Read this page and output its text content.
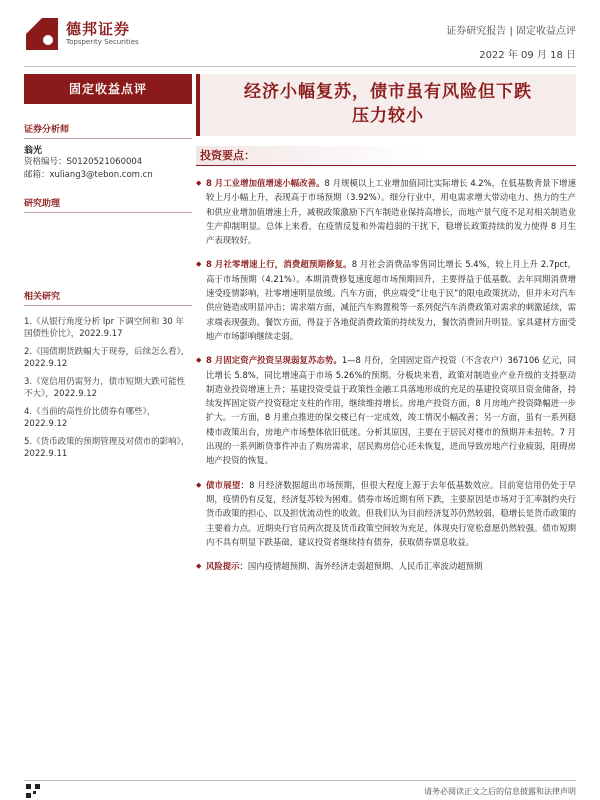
德邦证券
Topsperity Securities
证券研究报告 | 固定收益点评
2022 年 09 月 18 日
固定收益点评
证券分析师
翁光
资格编号：S0120521060004
邮箱：xuliang3@tebon.com.cn
研究助理
相关研究
1.《从银行角度分析 lpr 下调空间和 30 年国债性价比》，2022.9.17
2.《国债期货跌幅大于现券，后续怎么看》，2022.9.12
3.《宽信用仍需努力，债市短期大跌可能性不大》，2022.9.12
4.《当前的高性价比债券有哪些》，2022.9.12
5.《货币政策的预期管理及对债市的影响》，2022.9.11
经济小幅复苏，债市虽有风险但下跌
压力较小
投资要点：
◆ 8 月工业增加值增速小幅改善。8 月规模以上工业增加值同比实际增长 4.2%，在低基数背景下增速较上月小幅上升，表现高于市场预期（3.92%）。细分行业中，用电需求增大带动电力、热力的生产和供应业增加值增速上升，减税政策激励下汽车制造业保持高增长，而地产景气度不足对相关制造业生产抑制明显。总体上来看，在疫情反复和外需趋弱的干扰下，稳增长政策持续的发力使得 8 月生产表现较好。
◆ 8 月社零增速上行，消费超预期修复。8 月社会消费品零售同比增长 5.4%，较上月上升 2.7pct，高于市场预期（4.21%）。本期消费修复速度超市场预期回升，主要得益于低基数。去年同期消费增速受疫情影响，社零增速明显放缓。汽车方面，供应端受“让电于民”的限电政策扰动，但并未对汽车供应链造成明显冲击；需求端方面，减征汽车购置税等一系列促汽车消费政策对需求的刺激延续，需求端表现强劲。餐饮方面，得益于各地促消费政策的持续发力，餐饮消费回升明显。家具建材方面受地产市场影响继续走弱。
◆ 8 月固定资产投资呈现弱复苏态势。1—8 月份，全国固定资产投资（不含农户）367106 亿元，同比增长 5.8%，同比增速高于市场 5.26%的预期。分板块来看，政策对制造业产业升级的支持驱动制造业投资增速上升；基建投资受益于政策性金融工具落地形成的充足的基建投资项目资金储备，持续发挥固定资产投资稳定支柱的作用，继续维持增长。房地产投资方面，8 月房地产投资降幅进一步扩大。一方面，8 月重点推进的保交楼已有一定成效，竣工情况小幅改善；另一方面，虽有一系列稳楼市政策出台，房地产市场整体依旧低迷。分析其原因，主要在于居民对楼市的预期并未扭转。7 月出现的一系列断贷事件冲击了购房需求，居民购房信心还未恢复，进而导致房地产行业疲弱，阻碍房地产投资的恢复。
◆ 债市展望：8 月经济数据超出市场预期，但很大程度上源于去年低基数效应。目前宽信用仍处于早期，疫情仍有反复，经济复苏较为困难。债券市场近期有所下跌，主要原因是市场对于汇率制约央行货币政策的担心，以及担忧流动性的收敛。但我们认为目前经济复苏仍然较弱，稳增长是货币政策的主要着力点。近期央行官员两次提及货币政策空间较为充足，体现央行宽松意愿仍然较强。债市短期内不具有明显下跌基础，建议投资者继续持有债券，获取债券票息收益。
◆ 风险提示：国内疫情超预期、海外经济走弱超预期、人民币汇率波动超预期
请务必阅读正文之后的信息披露和法律声明
